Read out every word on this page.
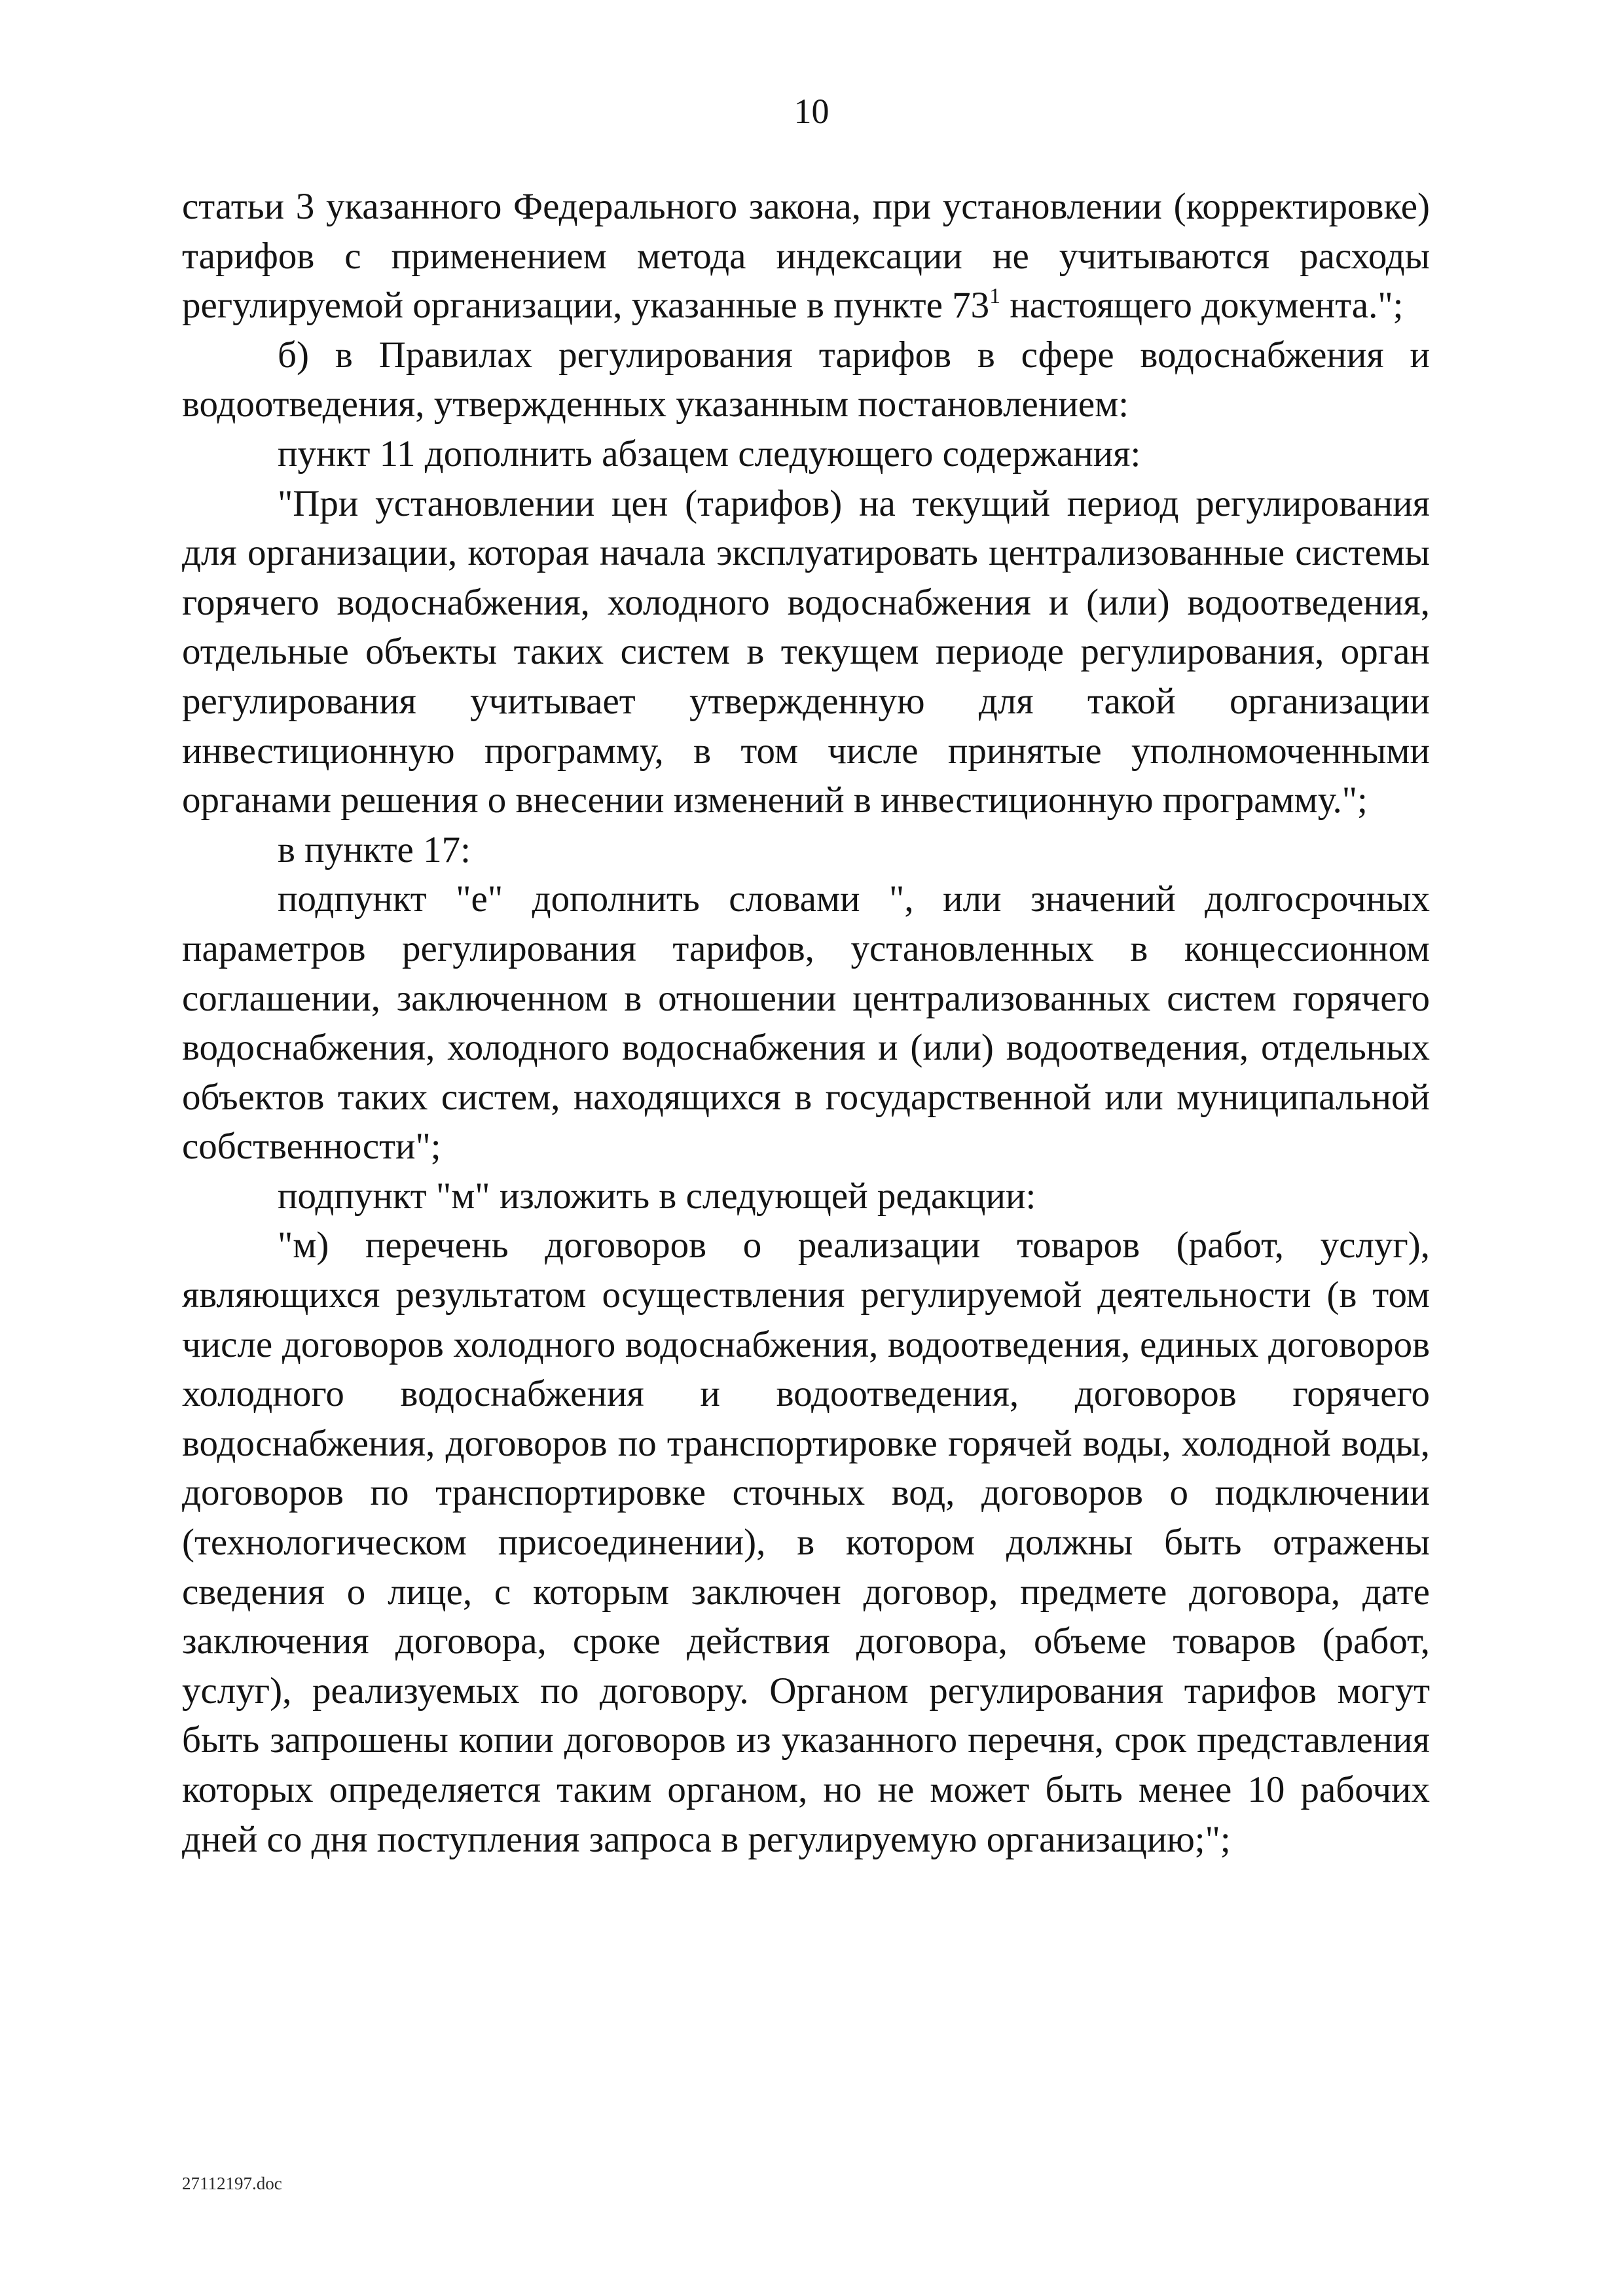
10

статьи 3 указанного Федерального закона, при установлении (корректировке) тарифов с применением метода индексации не учитываются расходы регулируемой организации, указанные в пункте $73^1$ настоящего документа.";

б) в Правилах регулирования тарифов в сфере водоснабжения и водоотведения, утвержденных указанным постановлением:

пункт 11 дополнить абзацем следующего содержания:

"При установлении цен (тарифов) на текущий период регулирования для организации, которая начала эксплуатировать централизованные системы горячего водоснабжения, холодного водоснабжения и (или) водоотведения, отдельные объекты таких систем в текущем периоде регулирования, орган регулирования учитывает утвержденную для такой организации инвестиционную программу, в том числе принятые уполномоченными органами решения о внесении изменений в инвестиционную программу.";

в пункте 17:

подпункт "е" дополнить словами ", или значений долгосрочных параметров регулирования тарифов, установленных в концессионном соглашении, заключенном в отношении централизованных систем горячего водоснабжения, холодного водоснабжения и (или) водоотведения, отдельных объектов таких систем, находящихся в государственной или муниципальной собственности";

подпункт "м" изложить в следующей редакции:

"м) перечень договоров о реализации товаров (работ, услуг), являющихся результатом осуществления регулируемой деятельности (в том числе договоров холодного водоснабжения, водоотведения, единых договоров холодного водоснабжения и водоотведения, договоров горячего водоснабжения, договоров по транспортировке горячей воды, холодной воды, договоров по транспортировке сточных вод, договоров о подключении (технологическом присоединении), в котором должны быть отражены сведения о лице, с которым заключен договор, предмете договора, дате заключения договора, сроке действия договора, объеме товаров (работ, услуг), реализуемых по договору. Органом регулирования тарифов могут быть запрошены копии договоров из указанного перечня, срок представления которых определяется таким органом, но не может быть менее 10 рабочих дней со дня поступления запроса в регулируемую организацию;";

27112197.doc
